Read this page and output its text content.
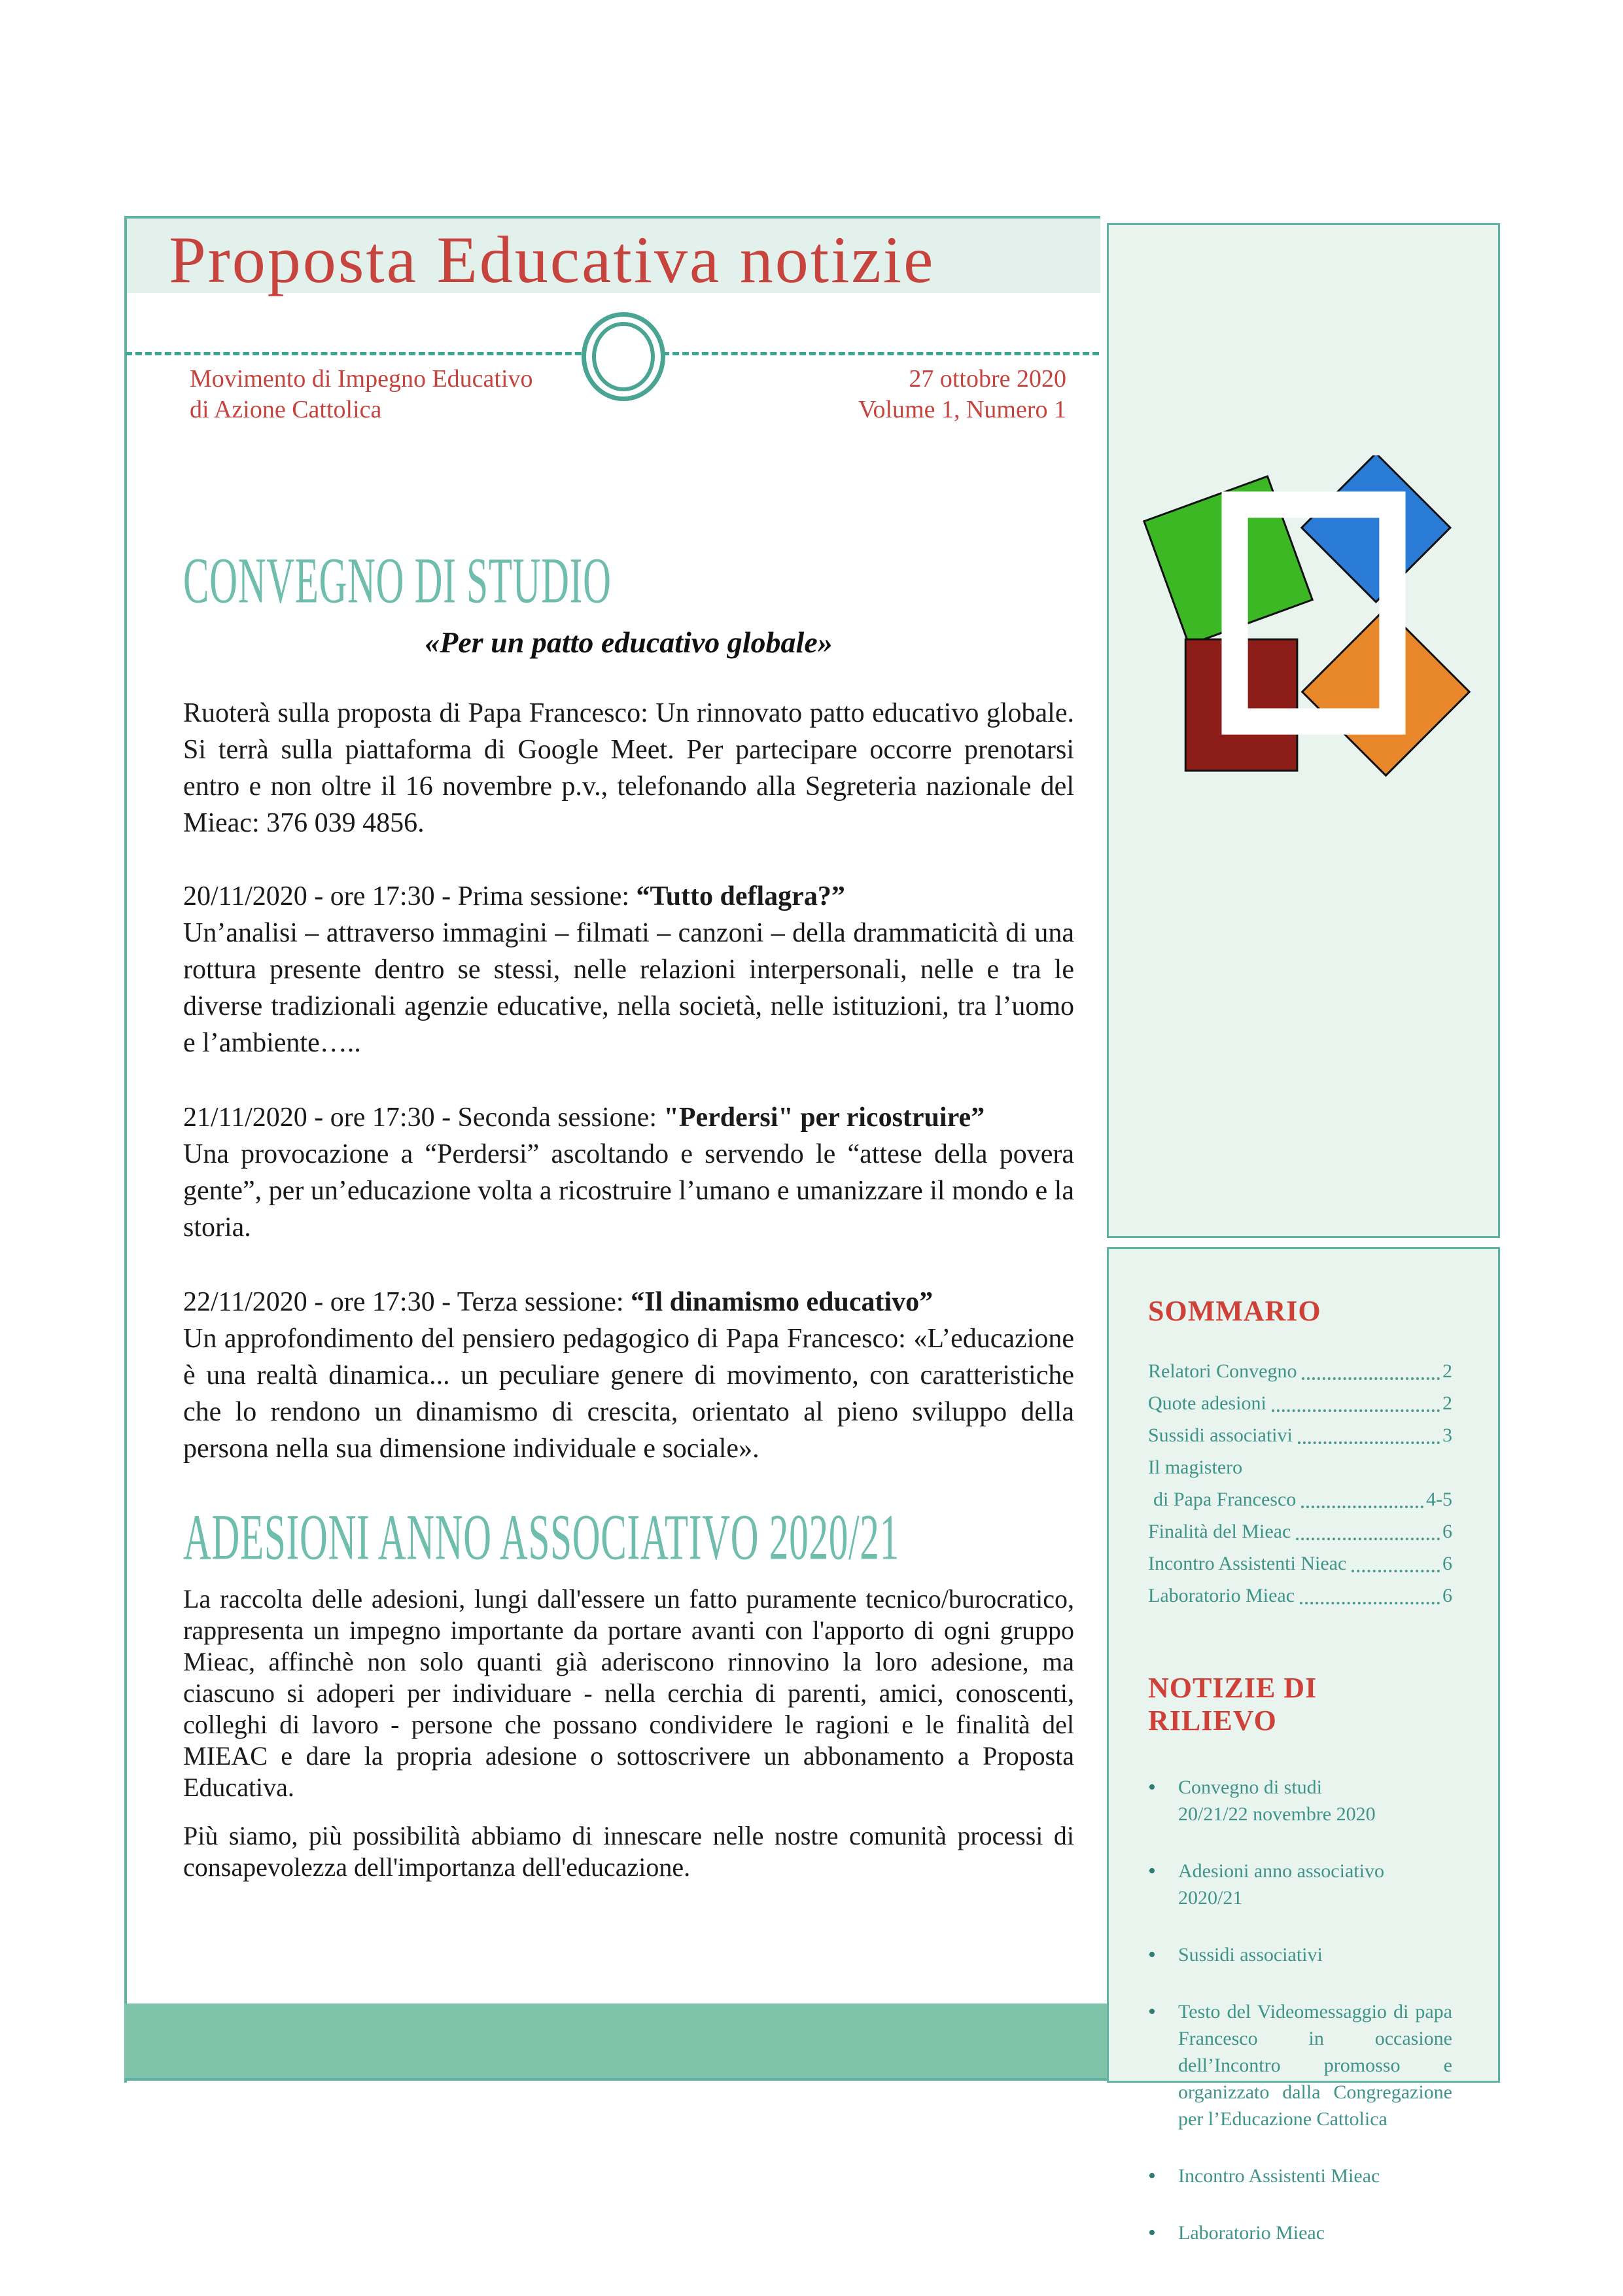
Proposta Educativa notizie
Movimento di Impegno Educativo
di Azione Cattolica
27 ottobre 2020
Volume 1, Numero 1
CONVEGNO DI STUDIO
«Per un patto educativo globale»

Ruoterà sulla proposta di Papa Francesco: Un rinnovato patto educativo globale. Si terrà sulla piattaforma di Google Meet. Per partecipare occorre prenotarsi entro e non oltre il 16 novembre p.v., telefonando alla Segreteria nazionale del Mieac: 376 039 4856.

20/11/2020 - ore 17:30 - Prima sessione: “Tutto deflagra?”

Un’analisi – attraverso immagini – filmati – canzoni – della drammaticità di una rottura presente dentro se stessi, nelle relazioni interpersonali, nelle e tra le diverse tradizionali agenzie educative, nella società, nelle istituzioni, tra l’uomo e l’ambiente…..

21/11/2020 - ore 17:30 - Seconda sessione: "Perdersi" per ricostruire”

Una provocazione a “Perdersi” ascoltando e servendo le “attese della povera gente”, per un’educazione volta a ricostruire l’umano e umanizzare il mondo e la storia.

22/11/2020 - ore 17:30 - Terza sessione: “Il dinamismo educativo”

Un approfondimento del pensiero pedagogico di Papa Francesco: «L’educazione è una realtà dinamica... un peculiare genere di movimento, con caratteristiche che lo rendono un dinamismo di crescita, orientato al pieno sviluppo della persona nella sua dimensione individuale e sociale».

ADESIONI ANNO ASSOCIATIVO 2020/21

La raccolta delle adesioni, lungi dall'essere un fatto puramente tecnico/burocratico, rappresenta un impegno importante da portare avanti con l'apporto di ogni gruppo Mieac, affinchè non solo quanti già aderiscono rinnovino la loro adesione, ma ciascuno si adoperi per individuare - nella cerchia di parenti, amici, conoscenti, colleghi di lavoro - persone che possano condividere le ragioni e le finalità del MIEAC e dare la propria adesione o sottoscrivere un abbonamento a Proposta Educativa.

Più siamo, più possibilità abbiamo di innescare nelle nostre comunità processi di consapevolezza dell'importanza dell'educazione.

SOMMARIO
Relatori Convegno	2
Quote adesioni	2
Sussidi associativi	3
Il magistero
di Papa Francesco	4-5
Finalità del Mieac	6
Incontro Assistenti Nieac	6
Laboratorio Mieac	6
NOTIZIE DI RILIEVO
•	Convegno di studi
20/21/22 novembre 2020
•	Adesioni anno associativo 2020/21
•	Sussidi associativi
•	Testo del Videomessaggio di papa Francesco in occasione dell’Incontro promosso e organizzato dalla Congregazione per l’Educazione Cattolica
•	Incontro Assistenti Mieac
•	Laboratorio Mieac
